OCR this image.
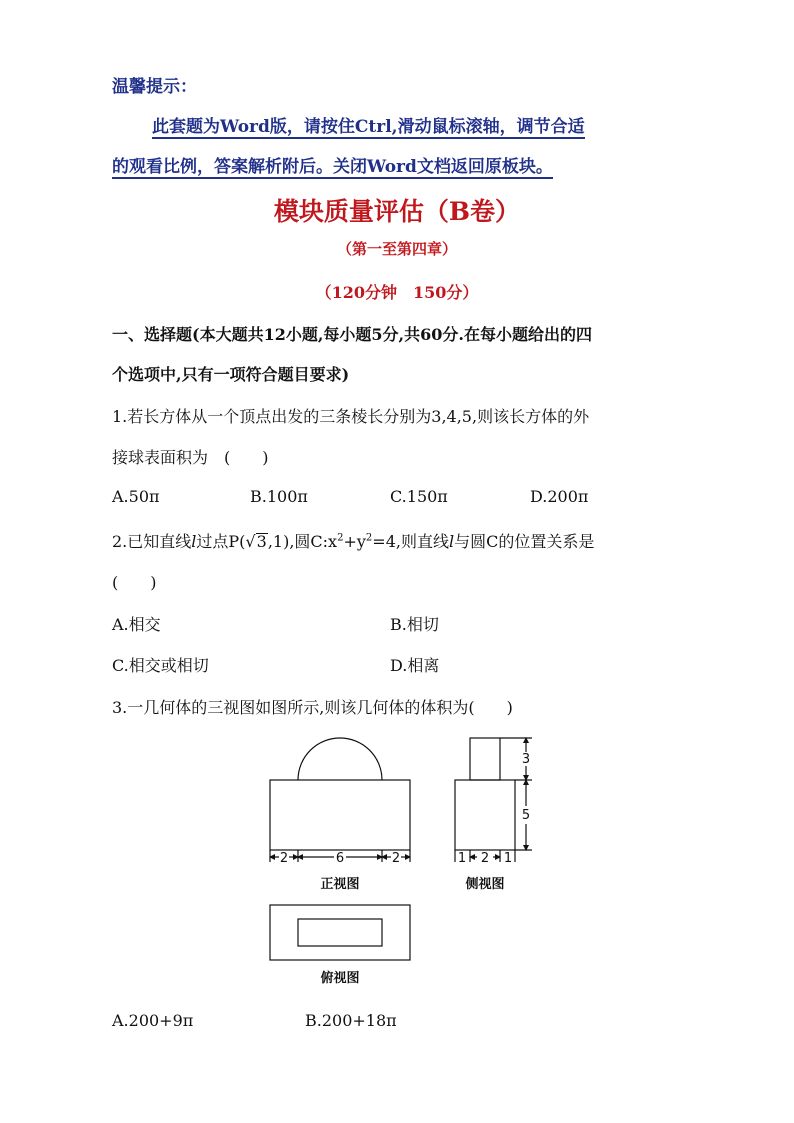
温馨提示：
此套题为Word版，请按住Ctrl,滑动鼠标滚轴，调节合适
的观看比例，答案解析附后。关闭Word文档返回原板块。
模块质量评估（B卷）
（第一至第四章）
（120分钟　150分）
一、选择题(本大题共12小题,每小题5分,共60分.在每小题给出的四
个选项中,只有一项符合题目要求)
1.若长方体从一个顶点出发的三条棱长分别为3,4,5,则该长方体的外
接球表面积为　(　　)
A.50π	B.100π	C.150π	D.200π
2.已知直线l过点P(√3,1),圆$C:x^2+y^2=4$,则直线l与圆C的位置关系是
(　　)
A.相交	B.相切
C.相交或相切	D.相离
3.一几何体的三视图如图所示,则该几何体的体积为(　　)
2	6	2	1 2 1
3
5
正视图	侧视图
俯视图
A.200+9π	B.200+18π
